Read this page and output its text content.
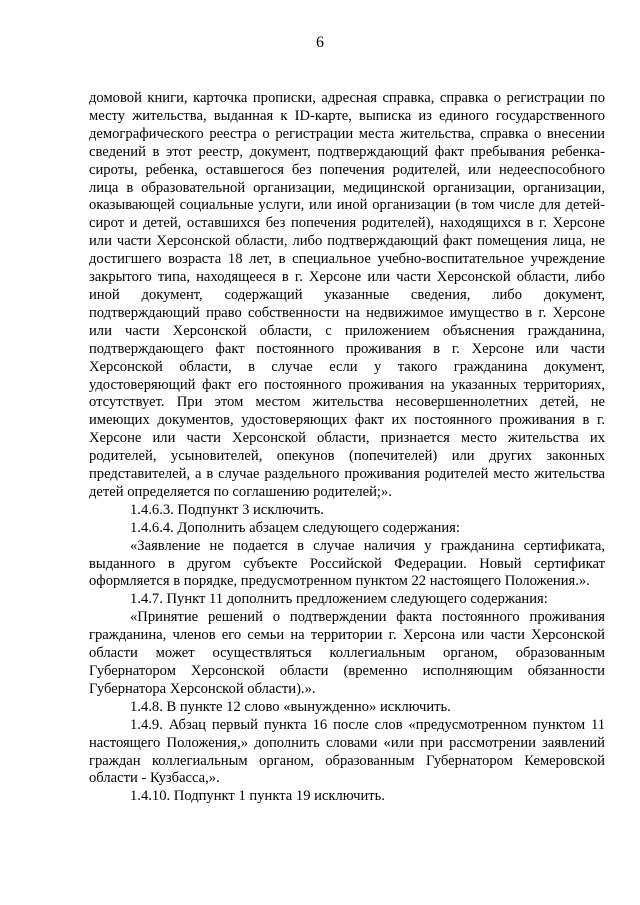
6

домовой книги, карточка прописки, адресная справка, справка о регистрации по месту жительства, выданная к ID-карте, выписка из единого государственного демографического реестра о регистрации места жительства, справка о внесении сведений в этот реестр, документ, подтверждающий факт пребывания ребенка-сироты, ребенка, оставшегося без попечения родителей, или недееспособного лица в образовательной организации, медицинской организации, организации, оказывающей социальные услуги, или иной организации (в том числе для детей-сирот и детей, оставшихся без попечения родителей), находящихся в г. Херсоне или части Херсонской области, либо подтверждающий факт помещения лица, не достигшего возраста 18 лет, в специальное учебно-воспитательное учреждение закрытого типа, находящееся в г. Херсоне или части Херсонской области, либо иной документ, содержащий указанные сведения, либо документ, подтверждающий право собственности на недвижимое имущество в г. Херсоне или части Херсонской области, с приложением объяснения гражданина, подтверждающего факт постоянного проживания в г. Херсоне или части Херсонской области, в случае если у такого гражданина документ, удостоверяющий факт его постоянного проживания на указанных территориях, отсутствует. При этом местом жительства несовершеннолетних детей, не имеющих документов, удостоверяющих факт их постоянного проживания в г. Херсоне или части Херсонской области, признается место жительства их родителей, усыновителей, опекунов (попечителей) или других законных представителей, а в случае раздельного проживания родителей место жительства детей определяется по соглашению родителей;».

1.4.6.3. Подпункт 3 исключить.

1.4.6.4. Дополнить абзацем следующего содержания:

«Заявление не подается в случае наличия у гражданина сертификата, выданного в другом субъекте Российской Федерации. Новый сертификат оформляется в порядке, предусмотренном пунктом 22 настоящего Положения.».

1.4.7. Пункт 11 дополнить предложением следующего содержания:

«Принятие решений о подтверждении факта постоянного проживания гражданина, членов его семьи на территории г. Херсона или части Херсонской области может осуществляться коллегиальным органом, образованным Губернатором Херсонской области (временно исполняющим обязанности Губернатора Херсонской области).».

1.4.8. В пункте 12 слово «вынужденно» исключить.

1.4.9. Абзац первый пункта 16 после слов «предусмотренном пунктом 11 настоящего Положения,» дополнить словами «или при рассмотрении заявлений граждан коллегиальным органом, образованным Губернатором Кемеровской области - Кузбасса,».

1.4.10. Подпункт 1 пункта 19 исключить.
